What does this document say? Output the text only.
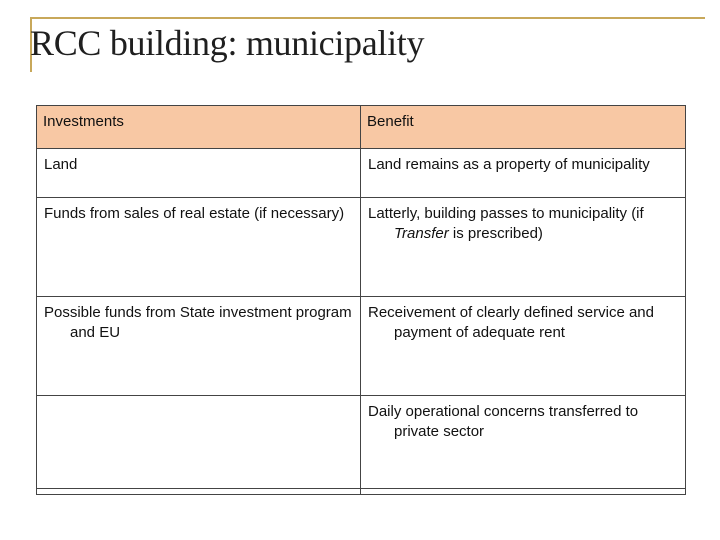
RCC building: municipality
Investments	Benefit

Land	Land remains as a property of municipality

Funds from sales of real estate (if necessary)	Latterly, building passes to municipality (if Transfer is prescribed)

Possible funds from State investment program and EU	Receivement of clearly defined service and payment of adequate rent

	Daily operational concerns transferred to private sector
